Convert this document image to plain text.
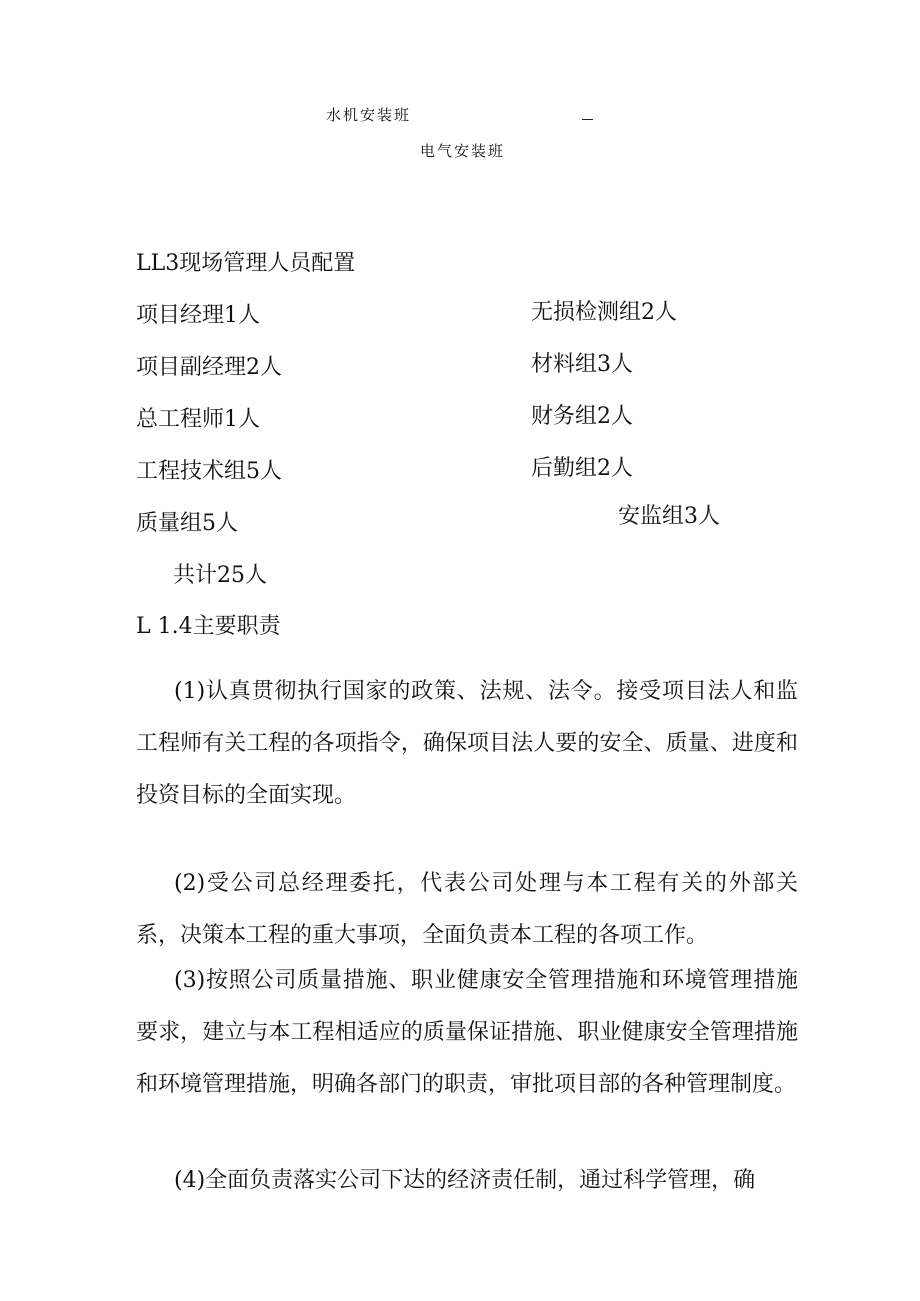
水机安装班
电气安装班
LL3现场管理人员配置
项目经理1人
项目副经理2人
总工程师1人
工程技术组5人
质量组5人
无损检测组2人
材料组3人
财务组2人
后勤组2人
安监组3人
共计25人
L 1.4主要职责

(1)认真贯彻执行国家的政策、法规、法令。接受项目法人和监工程师有关工程的各项指令，确保项目法人要的安全、质量、进度和投资目标的全面实现。

(2)受公司总经理委托，代表公司处理与本工程有关的外部关系，决策本工程的重大事项，全面负责本工程的各项工作。

(3)按照公司质量措施、职业健康安全管理措施和环境管理措施要求，建立与本工程相适应的质量保证措施、职业健康安全管理措施和环境管理措施，明确各部门的职责，审批项目部的各种管理制度。

(4)全面负责落实公司下达的经济责任制，通过科学管理，确
